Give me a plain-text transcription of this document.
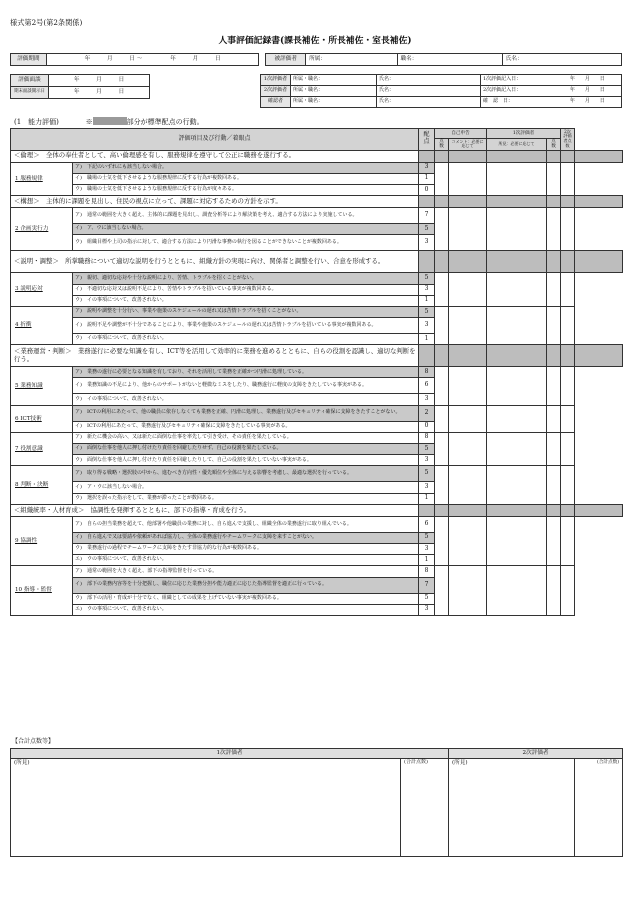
様式第2号(第2条関係)
人事評価記録書(課長補佐・所長補佐・室長補佐)
評価期間	年　　　月　　　日 〜　　　　　年　　　月　　　日		被評価者	所属：	職名：	氏名：
評価面談	年　　　月　　　日
期末面談開示日	年　　　月　　　日
1次評価者	所属・職名：	氏名：	1次評価記入日：	年　　月　　日
2次評価者	所属・職名：	氏名：	2次評価記入日：	年　　月　　日
確認者	所属・職名：	氏名：	確　認　日：	年　　月　　日
(1　能力評価)	※	部分が標準配点の行動。
評価項目及び行動／着眼点		配点	自己申告		1次評価者		2次評価者点数	
			点数	コメント：必要に応じて	所見：必要に応じて	点数		
＜倫理＞　全体の奉仕者として、高い倫理感を有し、服務規律を遵守して公正に職務を遂行する。								
1 服務規律	ア)　下記のいずれにも該当しない場合。	3						
	イ)　職場の士気を低下させるような服務規律に反する行為が複数回ある。	1						
	ウ)　職場の士気を低下させるような服務規律に反する行為が度々ある。	0						
＜構想＞　主体的に課題を見出し、住民の視点に立って、課題に対応するための方針を示す。								
2 企画実行力	ア)　通常の範囲を大きく超え、主体的に課題を見出し、調査分析等により解決策を考え、適合する方法により実施している。	7						
	イ)　ア、ウに該当しない場合。	5						
	ウ)　組織目標や上司の指示に対して、適合する方法により円滑な事務の執行を図ることができないことが複数回ある。	3						
＜説明・調整＞　所掌職務について適切な説明を行うとともに、組織方針の実現に向け、関係者と調整を行い、合意を形成する。								
3 説明応対	ア)　親切、適切な応対や十分な説明により、苦情、トラブルを招くことがない。	5						
	イ)　不適切な応対又は説明不足により、苦情やトラブルを招いている事実が複数回ある。	3						
	ウ)　イの事項について、改善されない。	1						
4 折衝	ア)　説明や調整を十分行い、事業や施策のスケジュールの遅れ又は苦情トラブルを招くことがない。	5						
	イ)　説明不足や調整が不十分であることにより、事業や施策のスケジュールの遅れ又は苦情トラブルを招いている事実が複数回ある。	3						
	ウ)　イの事項について、改善されない。	1						
＜業務運営・判断＞　業務遂行に必要な知識を有し、ICT等を活用して効率的に業務を進めるとともに、自らの役割を認識し、適切な判断を行う。								
5 業務知識	ア)　業務の遂行に必要となる知識を有しており、それを活用して業務を正確かつ円滑に処理している。	8						
	イ)　業務知識の不足により、他からのサポートがないと軽微なミスをしたり、職務遂行に軽度の支障をきたしている事実がある。	6						
	ウ)　イの事項について、改善されない。	3						
6 ICT技術	ア)　ICTの利用にあたって、他の職員に依存しなくても業務を正確、円滑に処理し、業務遂行及びセキュリティ確保に支障をきたすことがない。	2						
	イ)　ICTの利用にあたって、業務遂行及びセキュリティ確保に支障をきたしている事実がある。	0						
7 役割意識	ア)　新たに機会の高い、又は新たに面倒な仕事を率先して引き受け、その責任を果たしている。	8						
	イ)　面倒な仕事を他人に押し付けたり責任を回避したりせず、自己の役割を果たしている。	5						
	ウ)　面倒な仕事を他人に押し付けたり責任を回避したりして、自己の役割を果たしていない事実がある。	3						
8 判断・決断	ア)　取り得る戦略・選択肢の中から、進むべき方向性・優先順位や全体に与える影響を考慮し、最適な選択を行っている。	5						
	イ)　ア・ウに該当しない場合。	3						
	ウ)　選択を誤った指示をして、業務が滞ったことが数回ある。	1						
＜組織統率・人材育成＞　協調性を発揮するとともに、部下の指導・育成を行う。								
9 協調性	ア)　自らの担当業務を超えて、他部署や他職員の業務に対し、自ら進んで支援し、組織全体の業務遂行に取り組んでいる。	6						
	イ)　自ら進んで又は要請や依頼があれば協力し、全体の業務遂行やチームワークに支障を来すことがない。	5						
	ウ)　業務遂行の過程でチームワークに支障をきたす非協力的な行為が複数回ある。	3						
	エ)　ウの事項について、改善されない。	1						
10 指導・監督	ア)　通常の範囲を大きく超え、部下の指導監督を行っている。	8						
	イ)　部下の業務内容等を十分把握し、職位に応じた業務分担や能力適正に応じた指導監督を適正に行っている。	7						
	ウ)　部下の活用・育成が十分でなく、組織としての成果を上げていない事実が複数回ある。	5						
	エ)　ウの事項について、改善されない。	3						
【合計点数等】
1次評価者		2次評価者	
(所見)	(合計点数)	(所見)	(合計点数)
